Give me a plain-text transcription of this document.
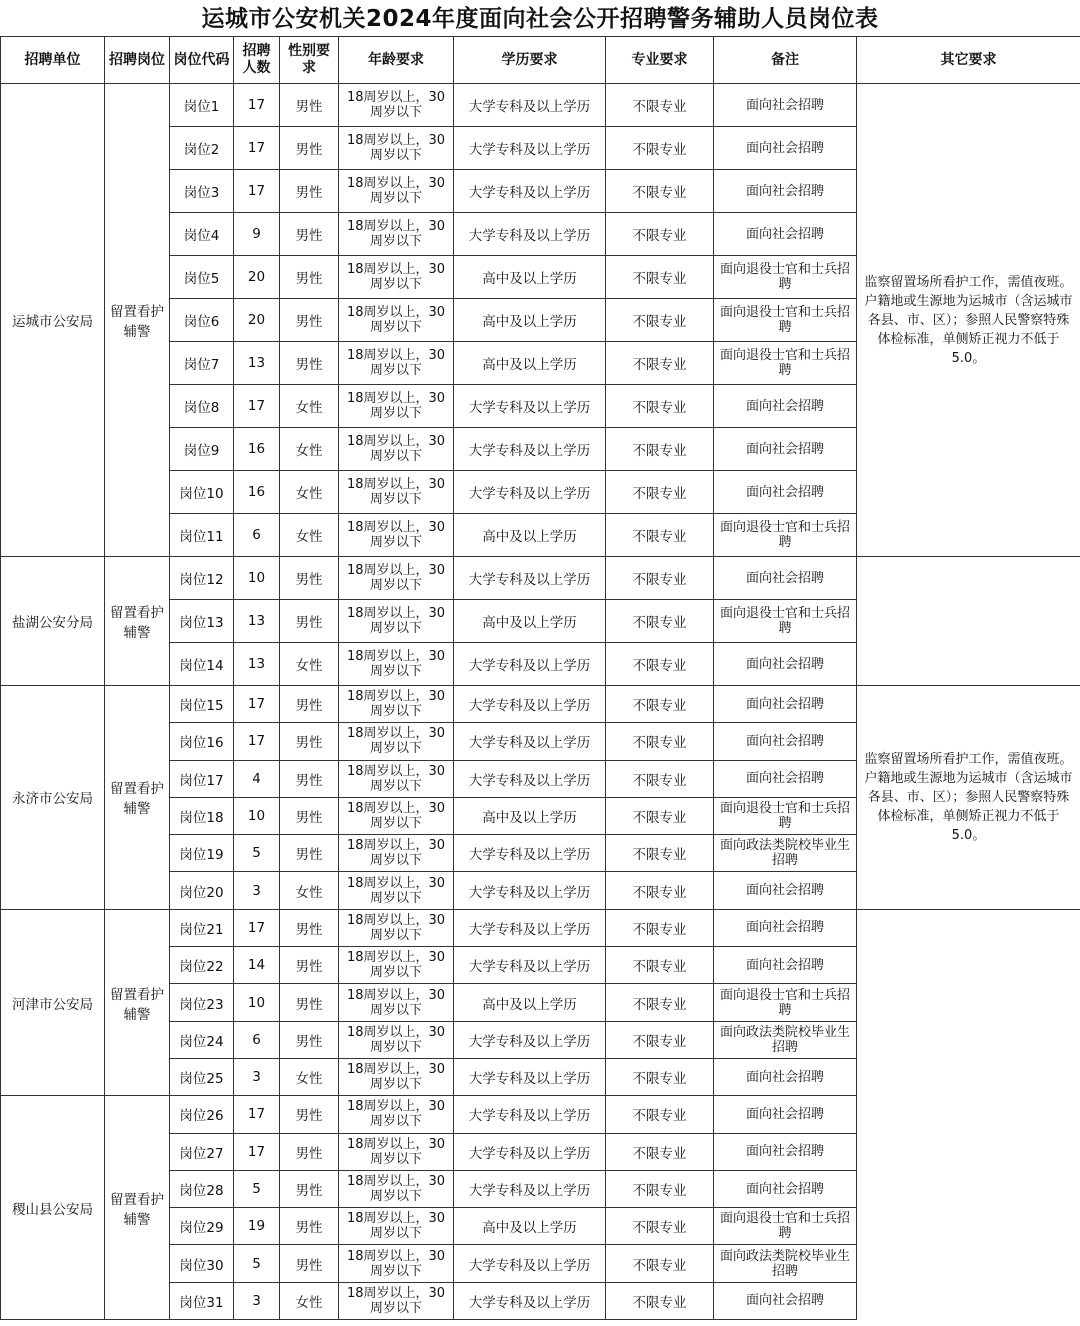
运城市公安机关2024年度面向社会公开招聘警务辅助人员岗位表
招聘单位	招聘岗位	岗位代码	招聘人数	性别要求	年龄要求	学历要求	专业要求	备注	其它要求
运城市公安局	留置看护辅警	岗位1	17	男性	18周岁以上，30周岁以下	大学专科及以上学历	不限专业	面向社会招聘	监察留置场所看护工作，需值夜班。户籍地或生源地为运城市（含运城市各县、市、区）；参照人民警察特殊体检标准，单侧矫正视力不低于5.0。
		岗位2	17	男性	18周岁以上，30周岁以下	大学专科及以上学历	不限专业	面向社会招聘	
		岗位3	17	男性	18周岁以上，30周岁以下	大学专科及以上学历	不限专业	面向社会招聘	
		岗位4	9	男性	18周岁以上，30周岁以下	大学专科及以上学历	不限专业	面向社会招聘	
		岗位5	20	男性	18周岁以上，30周岁以下	高中及以上学历	不限专业	面向退役士官和士兵招聘	
		岗位6	20	男性	18周岁以上，30周岁以下	高中及以上学历	不限专业	面向退役士官和士兵招聘	
		岗位7	13	男性	18周岁以上，30周岁以下	高中及以上学历	不限专业	面向退役士官和士兵招聘	
		岗位8	17	女性	18周岁以上，30周岁以下	大学专科及以上学历	不限专业	面向社会招聘	
		岗位9	16	女性	18周岁以上，30周岁以下	大学专科及以上学历	不限专业	面向社会招聘	
		岗位10	16	女性	18周岁以上，30周岁以下	大学专科及以上学历	不限专业	面向社会招聘	
		岗位11	6	女性	18周岁以上，30周岁以下	高中及以上学历	不限专业	面向退役士官和士兵招聘	
盐湖公安分局	留置看护辅警	岗位12	10	男性	18周岁以上，30周岁以下	大学专科及以上学历	不限专业	面向社会招聘	
		岗位13	13	男性	18周岁以上，30周岁以下	高中及以上学历	不限专业	面向退役士官和士兵招聘	
		岗位14	13	女性	18周岁以上，30周岁以下	大学专科及以上学历	不限专业	面向社会招聘	
永济市公安局	留置看护辅警	岗位15	17	男性	18周岁以上，30周岁以下	大学专科及以上学历	不限专业	面向社会招聘	监察留置场所看护工作，需值夜班。户籍地或生源地为运城市（含运城市各县、市、区）；参照人民警察特殊体检标准，单侧矫正视力不低于5.0。
		岗位16	17	男性	18周岁以上，30周岁以下	大学专科及以上学历	不限专业	面向社会招聘	
		岗位17	4	男性	18周岁以上，30周岁以下	大学专科及以上学历	不限专业	面向社会招聘	
		岗位18	10	男性	18周岁以上，30周岁以下	高中及以上学历	不限专业	面向退役士官和士兵招聘	
		岗位19	5	男性	18周岁以上，30周岁以下	大学专科及以上学历	不限专业	面向政法类院校毕业生招聘	
		岗位20	3	女性	18周岁以上，30周岁以下	大学专科及以上学历	不限专业	面向社会招聘	
河津市公安局	留置看护辅警	岗位21	17	男性	18周岁以上，30周岁以下	大学专科及以上学历	不限专业	面向社会招聘	
		岗位22	14	男性	18周岁以上，30周岁以下	大学专科及以上学历	不限专业	面向社会招聘	
		岗位23	10	男性	18周岁以上，30周岁以下	高中及以上学历	不限专业	面向退役士官和士兵招聘	
		岗位24	6	男性	18周岁以上，30周岁以下	大学专科及以上学历	不限专业	面向政法类院校毕业生招聘	
		岗位25	3	女性	18周岁以上，30周岁以下	大学专科及以上学历	不限专业	面向社会招聘	
稷山县公安局	留置看护辅警	岗位26	17	男性	18周岁以上，30周岁以下	大学专科及以上学历	不限专业	面向社会招聘	
		岗位27	17	男性	18周岁以上，30周岁以下	大学专科及以上学历	不限专业	面向社会招聘	
		岗位28	5	男性	18周岁以上，30周岁以下	大学专科及以上学历	不限专业	面向社会招聘	
		岗位29	19	男性	18周岁以上，30周岁以下	高中及以上学历	不限专业	面向退役士官和士兵招聘	
		岗位30	5	男性	18周岁以上，30周岁以下	大学专科及以上学历	不限专业	面向政法类院校毕业生招聘	
		岗位31	3	女性	18周岁以上，30周岁以下	大学专科及以上学历	不限专业	面向社会招聘	
